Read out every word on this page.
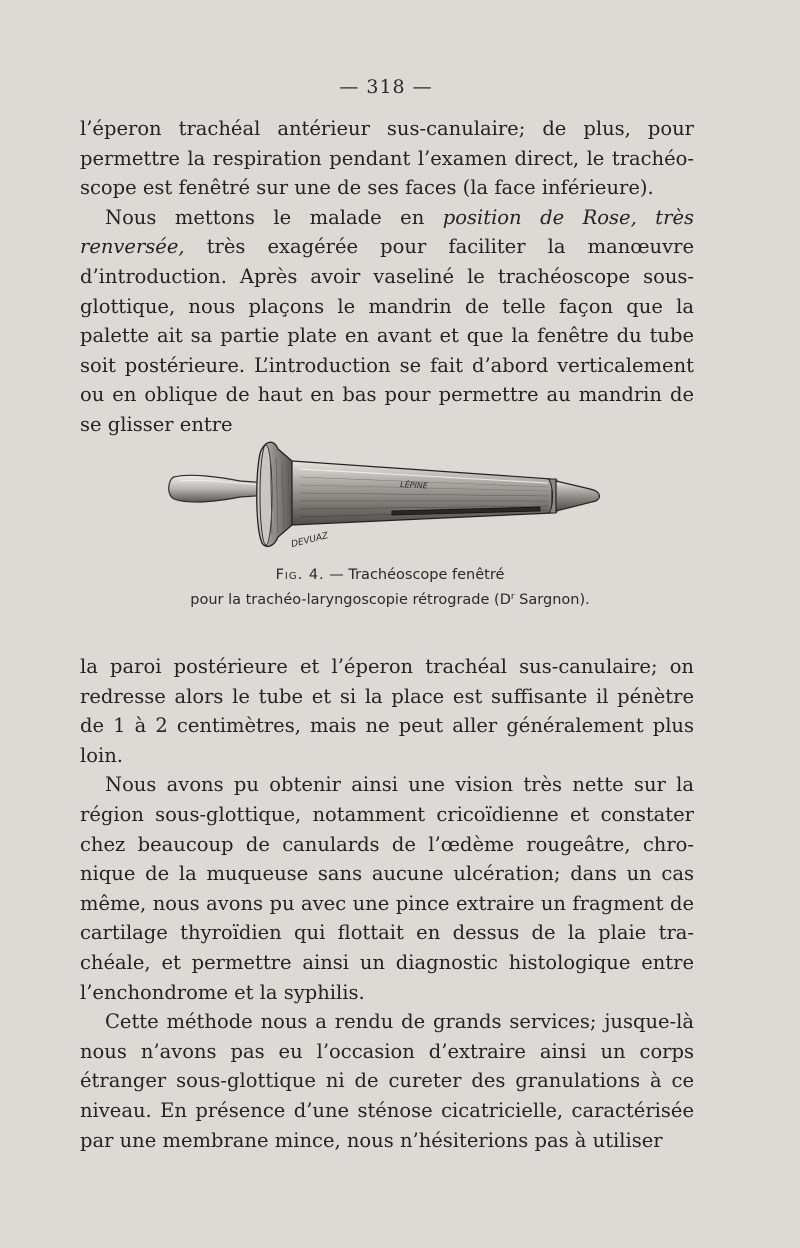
— 318 —

l’éperon trachéal antérieur sus-canulaire; de plus, pour permettre la respiration pendant l’examen direct, le trachéo-scope est fenêtré sur une de ses faces (la face inférieure).

Nous mettons le malade en position de Rose, très renversée, très exagérée pour faciliter la manœuvre d’introduction. Après avoir vaseliné le trachéoscope sous-glottique, nous plaçons le mandrin de telle façon que la palette ait sa partie plate en avant et que la fenêtre du tube soit postérieure. L’introduction se fait d’abord verticalement ou en oblique de haut en bas pour permettre au mandrin de se glisser entre

LÉPINE
DEVUAZ
Fig. 4. — Trachéoscope fenêtré
pour la trachéo-laryngoscopie rétrograde ($D^r$ Sargnon).

la paroi postérieure et l’éperon trachéal sus-canulaire; on redresse alors le tube et si la place est suffisante il pénètre de 1 à 2 centimètres, mais ne peut aller généralement plus loin.

Nous avons pu obtenir ainsi une vision très nette sur la région sous-glottique, notamment cricoïdienne et constater chez beaucoup de canulards de l’œdème rougeâtre, chro-nique de la muqueuse sans aucune ulcération; dans un cas même, nous avons pu avec une pince extraire un fragment de cartilage thyroïdien qui flottait en dessus de la plaie tra-chéale, et permettre ainsi un diagnostic histologique entre l’enchondrome et la syphilis.

Cette méthode nous a rendu de grands services; jusque-là nous n’avons pas eu l’occasion d’extraire ainsi un corps étranger sous-glottique ni de cureter des granulations à ce niveau. En présence d’une sténose cicatricielle, caractérisée par une membrane mince, nous n’hésiterions pas à utiliser
